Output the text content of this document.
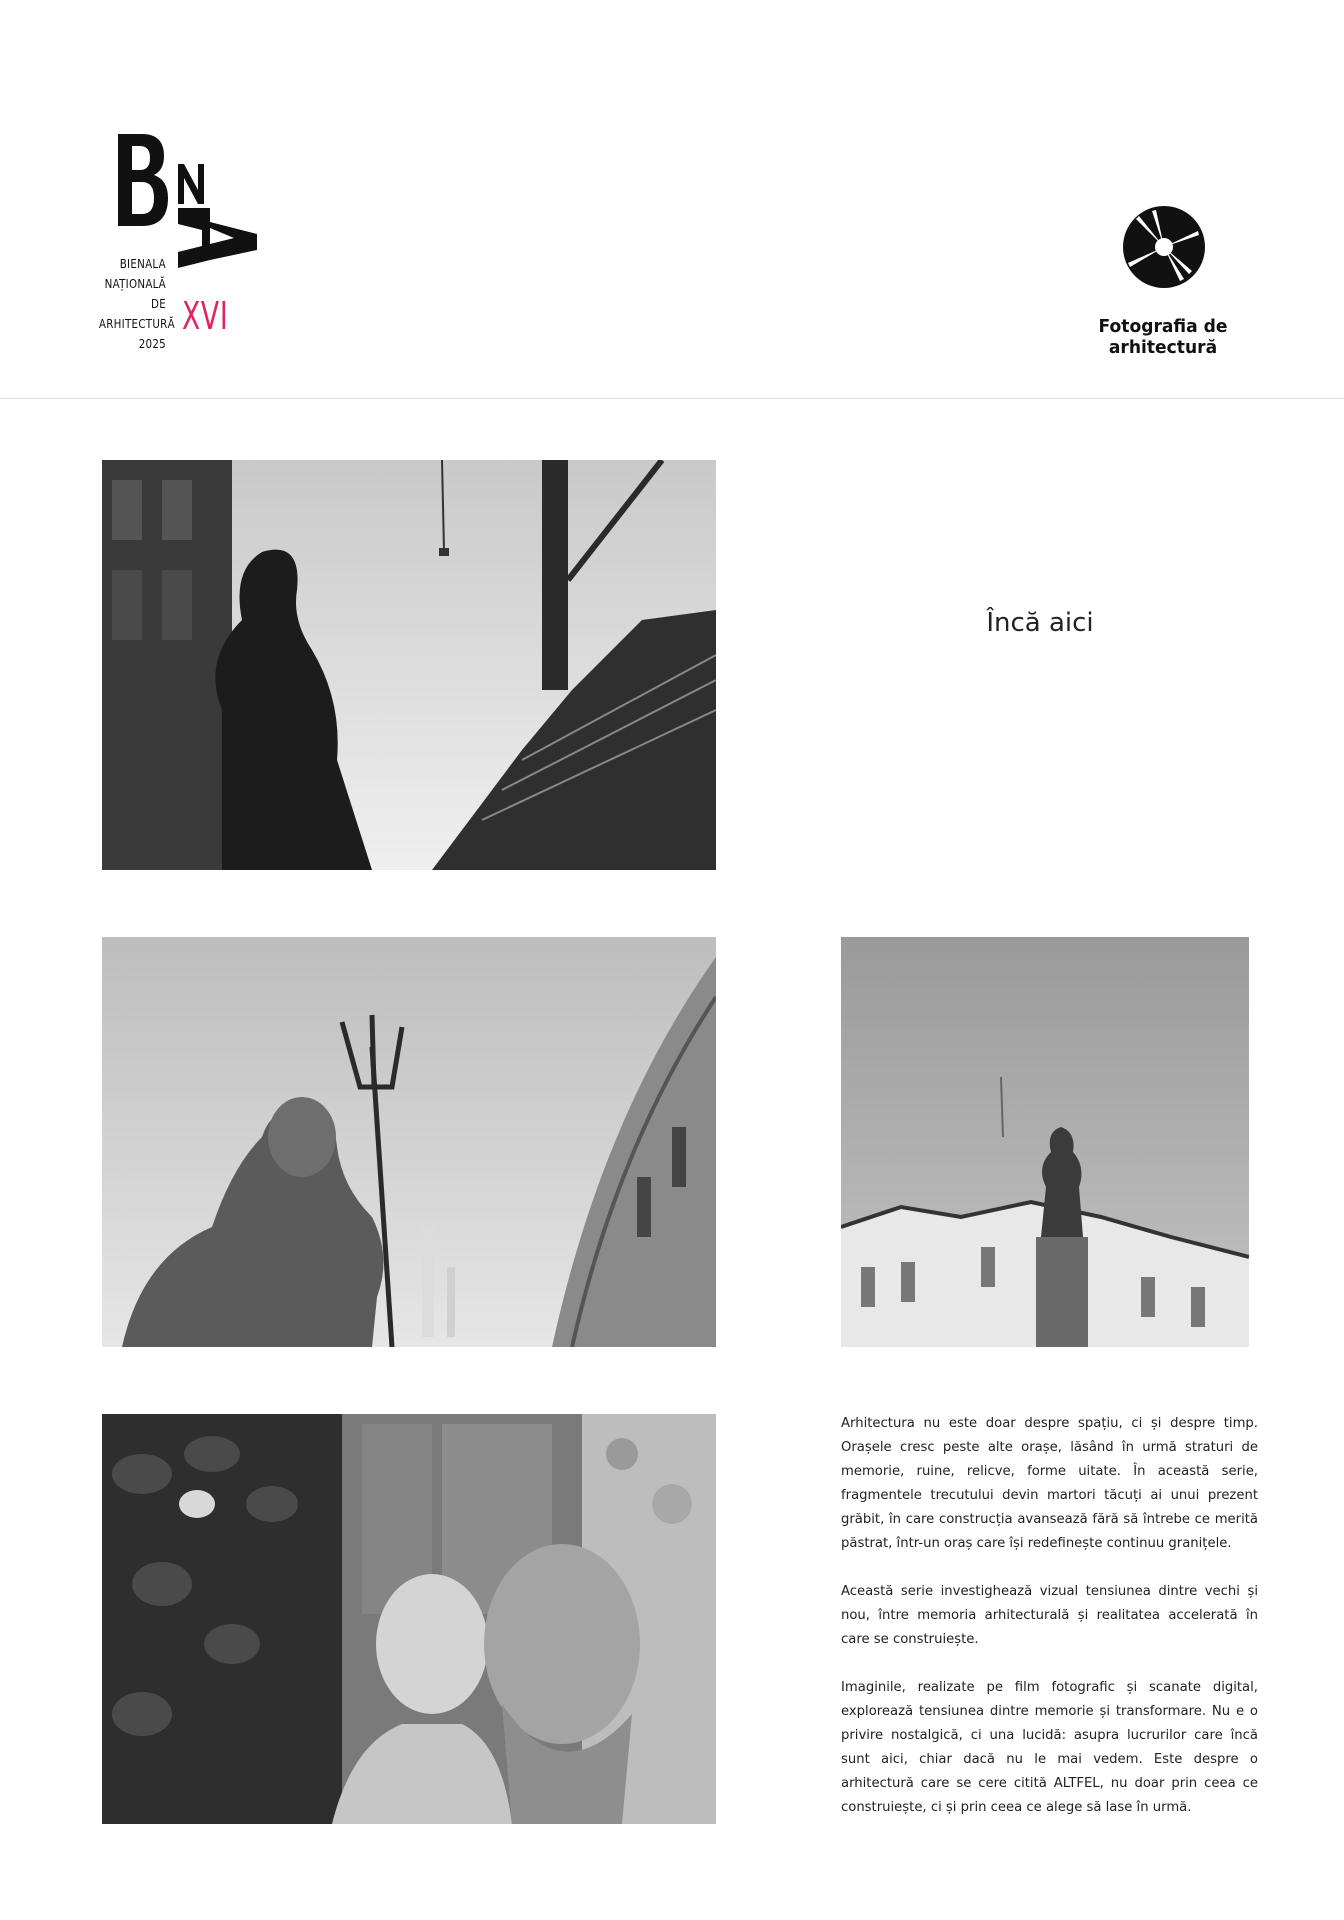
BIENALA
NAȚIONALĂ
DE
ARHITECTURĂ
2025
XVI	Fotografia de arhitectură
Încă aici

Arhitectura nu este doar despre spațiu, ci și despre timp. Orașele cresc peste alte orașe, lăsând în urmă straturi de memorie, ruine, relicve, forme uitate. În această serie, fragmentele trecutului devin martori tăcuți ai unui prezent grăbit, în care construcția avansează fără să întrebe ce merită păstrat, într-un oraș care își redefinește continuu granițele.

Această serie investighează vizual tensiunea dintre vechi și nou, între memoria arhitecturală și realitatea accelerată în care se construiește.

Imaginile, realizate pe film fotografic și scanate digital, explorează tensiunea dintre memorie și transformare. Nu e o privire nostalgică, ci una lucidă: asupra lucrurilor care încă sunt aici, chiar dacă nu le mai vedem. Este despre o arhitectură care se cere citită ALTFEL, nu doar prin ceea ce construiește, ci și prin ceea ce alege să lase în urmă.
